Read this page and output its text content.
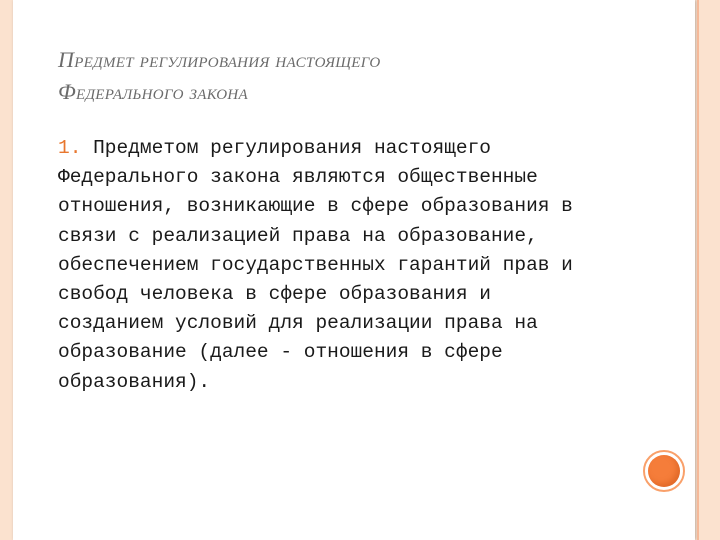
Предмет регулирования настоящего
Федерального закона
1. Предметом регулирования настоящего
Федерального закона являются общественные
отношения, возникающие в сфере образования в
связи с реализацией права на образование,
обеспечением государственных гарантий прав и
свобод человека в сфере образования и
созданием условий для реализации права на
образование (далее - отношения в сфере
образования).
